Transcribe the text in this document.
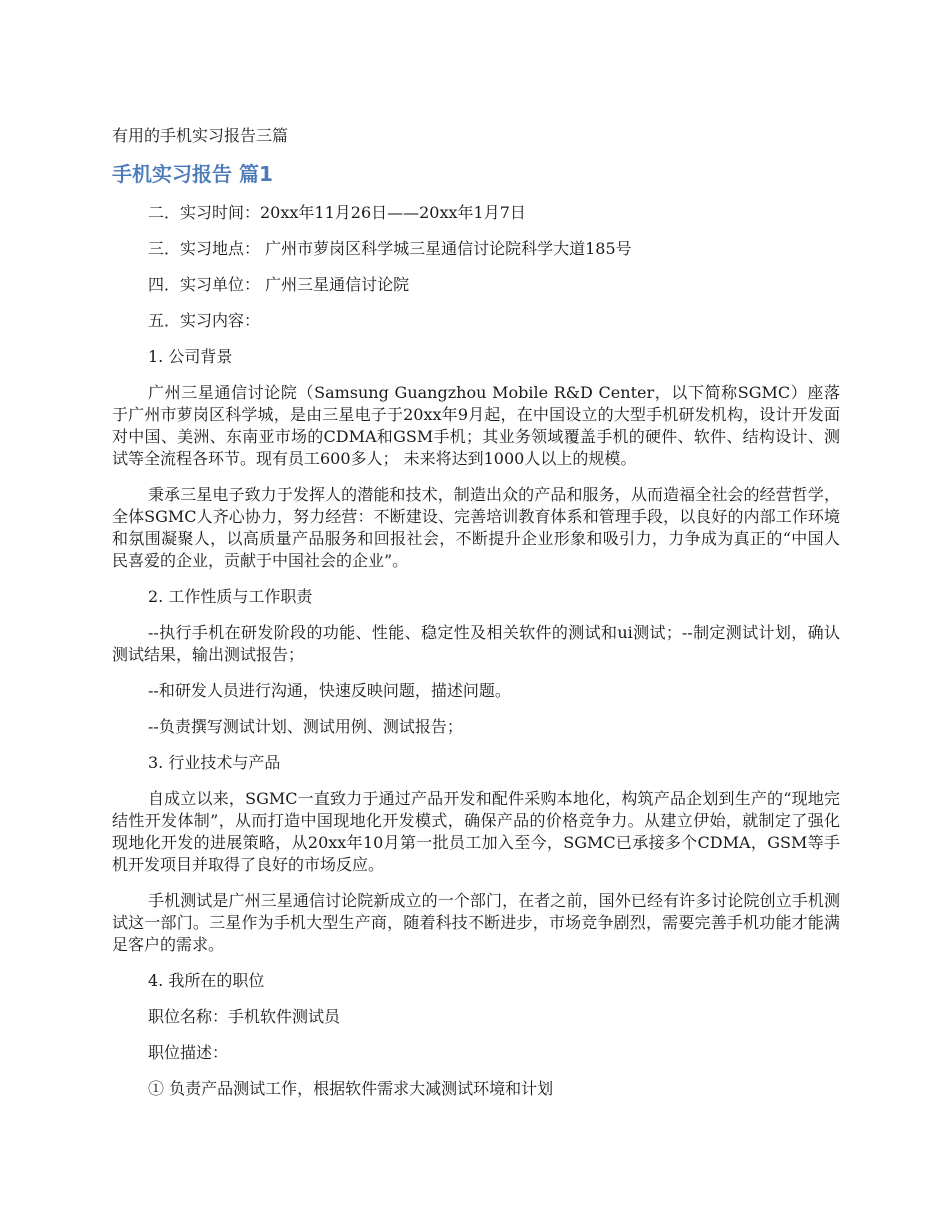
有用的手机实习报告三篇
手机实习报告 篇1

二．实习时间：20xx年11月26日——20xx年1月7日

三．实习地点： 广州市萝岗区科学城三星通信讨论院科学大道185号

四．实习单位： 广州三星通信讨论院

五．实习内容：

1. 公司背景

广州三星通信讨论院（Samsung Guangzhou Mobile R&D Center，以下简称SGMC）座落于广州市萝岗区科学城，是由三星电子于20xx年9月起，在中国设立的大型手机研发机构，设计开发面对中国、美洲、东南亚市场的CDMA和GSM手机；其业务领域覆盖手机的硬件、软件、结构设计、测试等全流程各环节。现有员工600多人； 未来将达到1000人以上的规模。

秉承三星电子致力于发挥人的潜能和技术，制造出众的产品和服务，从而造福全社会的经营哲学，全体SGMC人齐心协力，努力经营：不断建设、完善培训教育体系和管理手段，以良好的内部工作环境和氛围凝聚人，以高质量产品服务和回报社会，不断提升企业形象和吸引力，力争成为真正的“中国人民喜爱的企业，贡献于中国社会的企业”。

2. 工作性质与工作职责

--执行手机在研发阶段的功能、性能、稳定性及相关软件的测试和ui测试；--制定测试计划，确认测试结果，输出测试报告；

--和研发人员进行沟通，快速反映问题，描述问题。

--负责撰写测试计划、测试用例、测试报告；

3. 行业技术与产品

自成立以来，SGMC一直致力于通过产品开发和配件采购本地化，构筑产品企划到生产的“现地完结性开发体制”，从而打造中国现地化开发模式，确保产品的价格竞争力。从建立伊始，就制定了强化现地化开发的进展策略，从20xx年10月第一批员工加入至今，SGMC已承接多个CDMA，GSM等手机开发项目并取得了良好的市场反应。

手机测试是广州三星通信讨论院新成立的一个部门，在者之前，国外已经有许多讨论院创立手机测试这一部门。三星作为手机大型生产商，随着科技不断进步，市场竞争剧烈，需要完善手机功能才能满足客户的需求。

4. 我所在的职位

职位名称：手机软件测试员

职位描述：

① 负责产品测试工作，根据软件需求大减测试环境和计划
